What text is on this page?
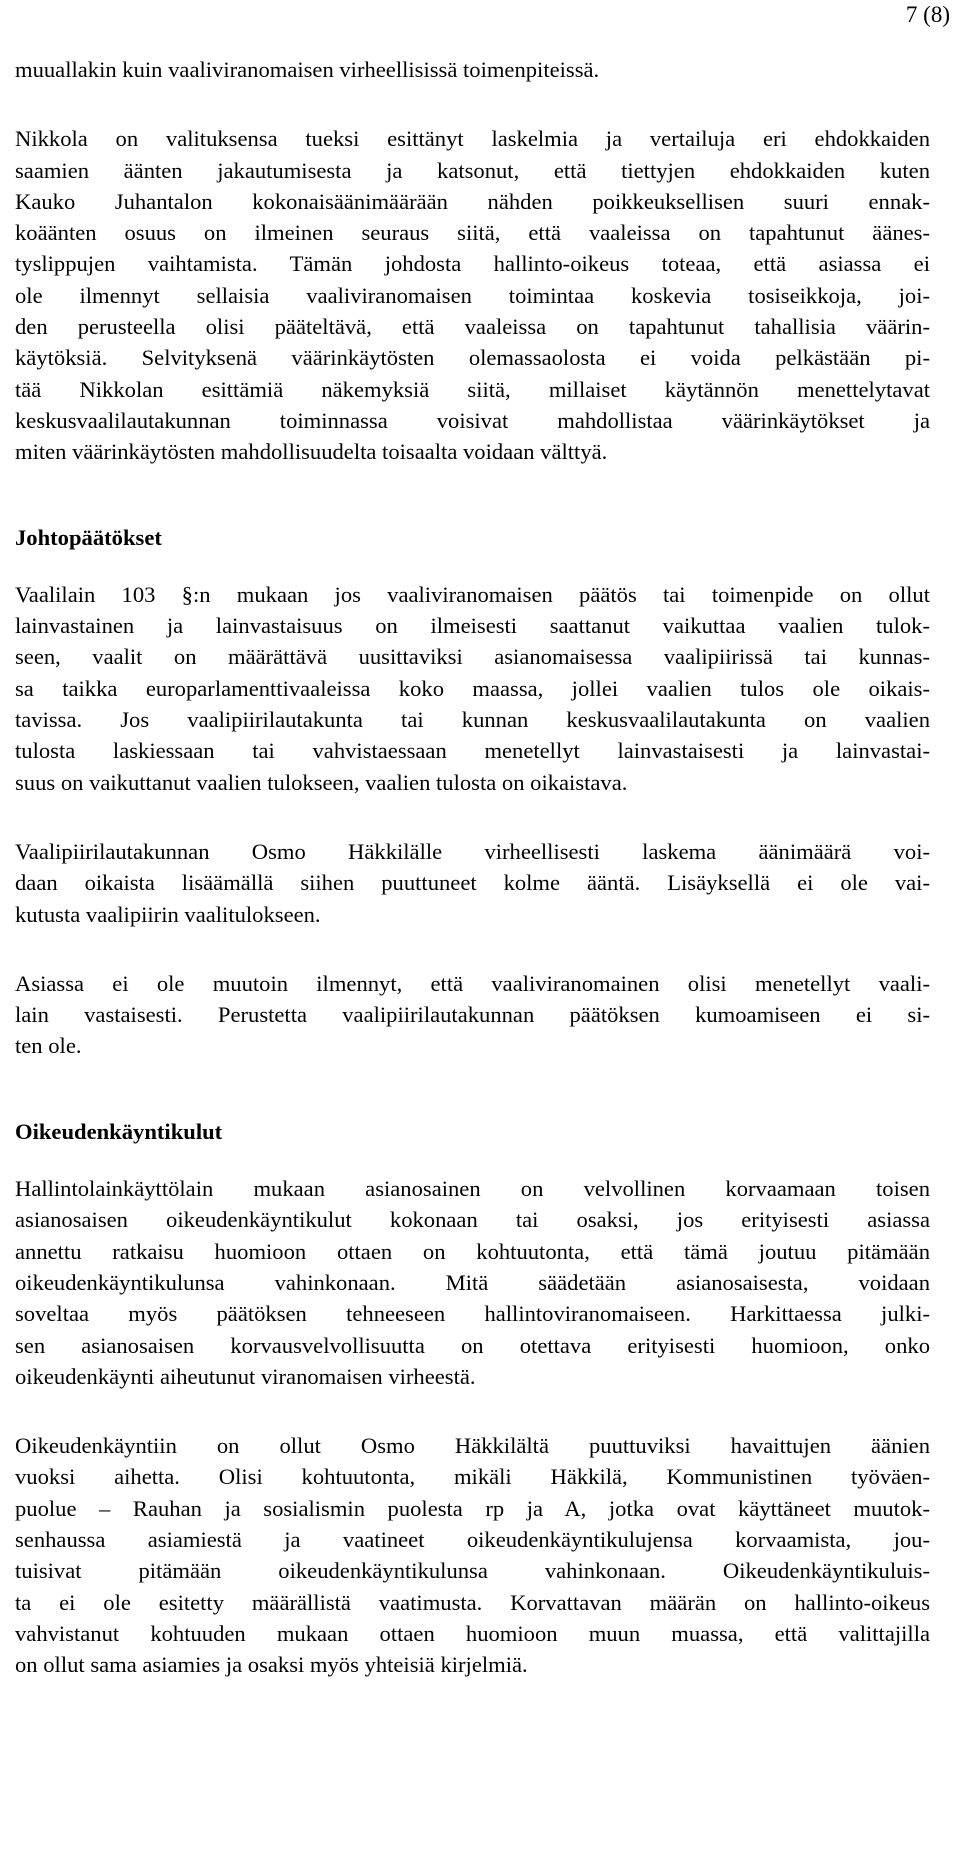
7 (8)
muuallakin kuin vaaliviranomaisen virheellisissä toimenpiteissä.
Nikkola on valituksensa tueksi esittänyt laskelmia ja vertailuja eri ehdokkaiden
saamien äänten jakautumisesta ja katsonut, että tiettyjen ehdokkaiden kuten
Kauko Juhantalon kokonaisäänimäärään nähden poikkeuksellisen suuri ennak-
koäänten osuus on ilmeinen seuraus siitä, että vaaleissa on tapahtunut äänes-
tyslippujen vaihtamista. Tämän johdosta hallinto-oikeus toteaa, että asiassa ei
ole ilmennyt sellaisia vaaliviranomaisen toimintaa koskevia tosiseikkoja, joi-
den perusteella olisi pääteltävä, että vaaleissa on tapahtunut tahallisia väärin-
käytöksiä. Selvityksenä väärinkäytösten olemassaolosta ei voida pelkästään pi-
tää Nikkolan esittämiä näkemyksiä siitä, millaiset käytännön menettelytavat
keskusvaalilautakunnan toiminnassa voisivat mahdollistaa väärinkäytökset ja
miten väärinkäytösten mahdollisuudelta toisaalta voidaan välttyä.
Johtopäätökset
Vaalilain 103 §:n mukaan jos vaaliviranomaisen päätös tai toimenpide on ollut
lainvastainen ja lainvastaisuus on ilmeisesti saattanut vaikuttaa vaalien tulok-
seen, vaalit on määrättävä uusittaviksi asianomaisessa vaalipiirissä tai kunnas-
sa taikka europarlamenttivaaleissa koko maassa, jollei vaalien tulos ole oikais-
tavissa. Jos vaalipiirilautakunta tai kunnan keskusvaalilautakunta on vaalien
tulosta laskiessaan tai vahvistaessaan menetellyt lainvastaisesti ja lainvastai-
suus on vaikuttanut vaalien tulokseen, vaalien tulosta on oikaistava.
Vaalipiirilautakunnan Osmo Häkkilälle virheellisesti laskema äänimäärä voi-
daan oikaista lisäämällä siihen puuttuneet kolme ääntä. Lisäyksellä ei ole vai-
kutusta vaalipiirin vaalitulokseen.
Asiassa ei ole muutoin ilmennyt, että vaaliviranomainen olisi menetellyt vaali-
lain vastaisesti. Perustetta vaalipiirilautakunnan päätöksen kumoamiseen ei si-
ten ole.
Oikeudenkäyntikulut
Hallintolainkäyttölain mukaan asianosainen on velvollinen korvaamaan toisen
asianosaisen oikeudenkäyntikulut kokonaan tai osaksi, jos erityisesti asiassa
annettu ratkaisu huomioon ottaen on kohtuutonta, että tämä joutuu pitämään
oikeudenkäyntikulunsa vahinkonaan. Mitä säädetään asianosaisesta, voidaan
soveltaa myös päätöksen tehneeseen hallintoviranomaiseen. Harkittaessa julki-
sen asianosaisen korvausvelvollisuutta on otettava erityisesti huomioon, onko
oikeudenkäynti aiheutunut viranomaisen virheestä.
Oikeudenkäyntiin on ollut Osmo Häkkilältä puuttuviksi havaittujen äänien
vuoksi aihetta. Olisi kohtuutonta, mikäli Häkkilä, Kommunistinen työväen-
puolue – Rauhan ja sosialismin puolesta rp ja A, jotka ovat käyttäneet muutok-
senhaussa asiamiestä ja vaatineet oikeudenkäyntikulujensa korvaamista, jou-
tuisivat pitämään oikeudenkäyntikulunsa vahinkonaan. Oikeudenkäyntikuluis-
ta ei ole esitetty määrällistä vaatimusta. Korvattavan määrän on hallinto-oikeus
vahvistanut kohtuuden mukaan ottaen huomioon muun muassa, että valittajilla
on ollut sama asiamies ja osaksi myös yhteisiä kirjelmiä.
